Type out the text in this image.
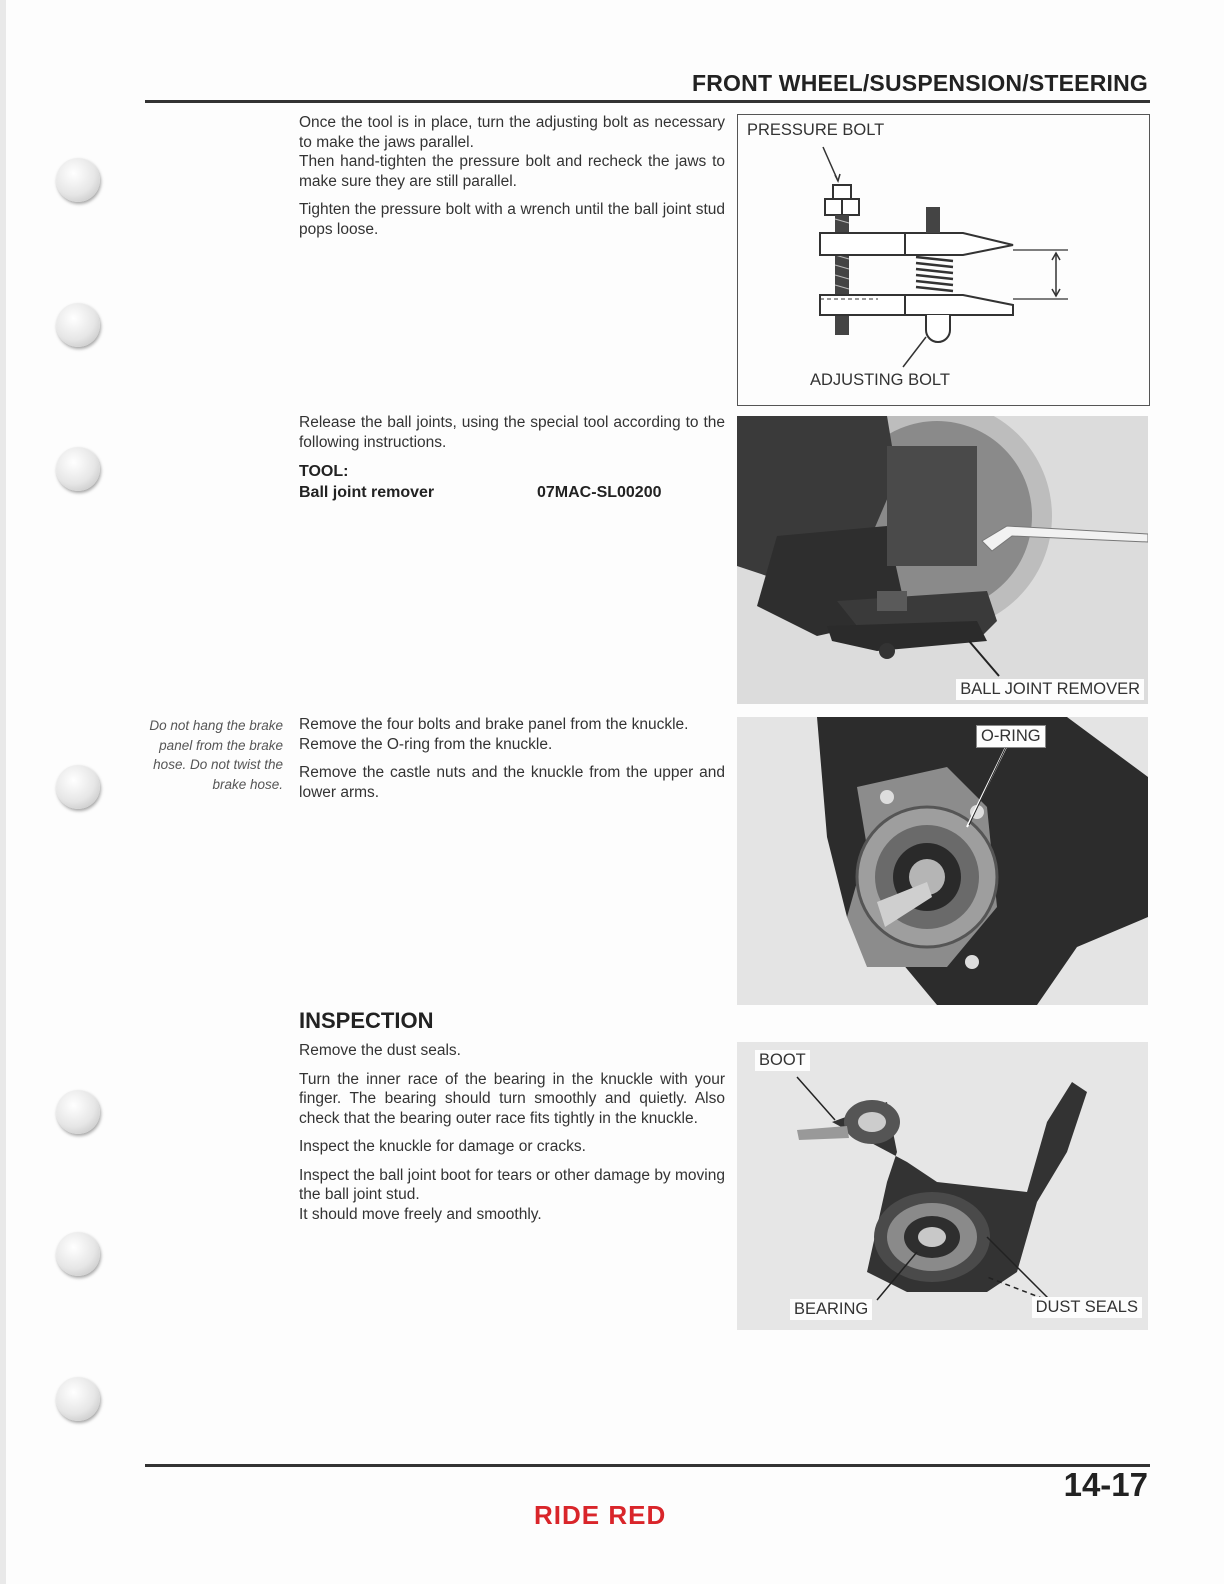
FRONT WHEEL/SUSPENSION/STEERING

Once the tool is in place, turn the adjusting bolt as necessary to make the jaws parallel.

Then hand-tighten the pressure bolt and recheck the jaws to make sure they are still parallel.

Tighten the pressure bolt with a wrench until the ball joint stud pops loose.

PRESSURE BOLT
ADJUSTING BOLT

Release the ball joints, using the special tool according to the following instructions.

TOOL:
Ball joint remover	07MAC-SL00200
BALL JOINT REMOVER
Do not hang the brake panel from the brake hose. Do not twist the brake hose.

Remove the four bolts and brake panel from the knuckle.

Remove the O-ring from the knuckle.

Remove the castle nuts and the knuckle from the upper and lower arms.

O-RING
INSPECTION

Remove the dust seals.

Turn the inner race of the bearing in the knuckle with your finger. The bearing should turn smoothly and quietly. Also check that the bearing outer race fits tightly in the knuckle.

Inspect the knuckle for damage or cracks.

Inspect the ball joint boot for tears or other damage by moving the ball joint stud.

It should move freely and smoothly.

BOOT
BEARING	DUST SEALS
14-17
RIDE RED
